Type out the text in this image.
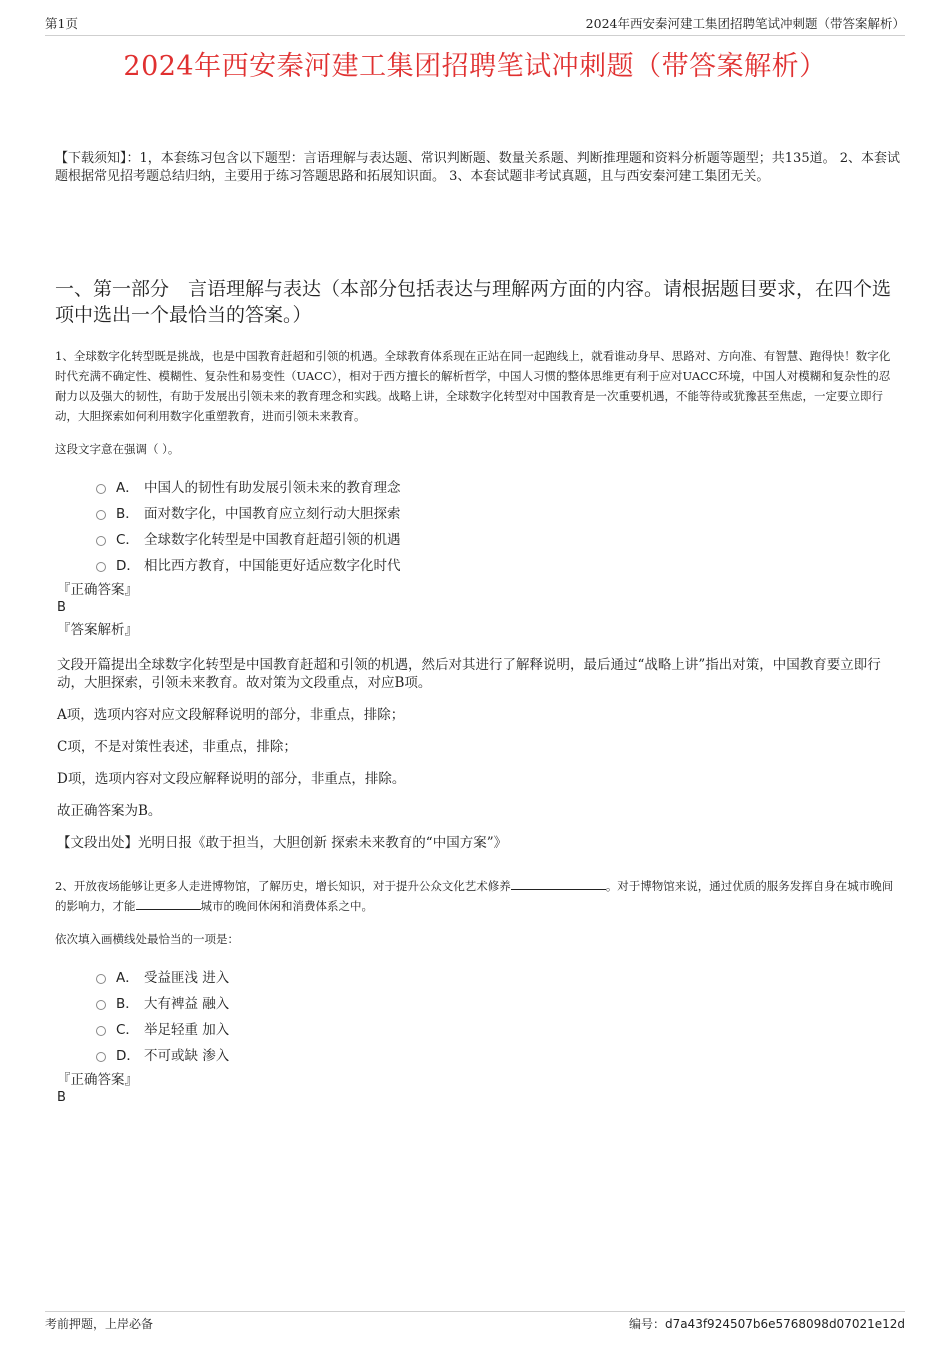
第1页	2024年西安秦河建工集团招聘笔试冲刺题（带答案解析）
2024年西安秦河建工集团招聘笔试冲刺题（带答案解析）
【下载须知】：1，本套练习包含以下题型：言语理解与表达题、常识判断题、数量关系题、判断推理题和资料分析题等题型；共135道。 2、本套试题根据常见招考题总结归纳，主要用于练习答题思路和拓展知识面。 3、本套试题非考试真题，且与西安秦河建工集团无关。
一、第一部分　言语理解与表达（本部分包括表达与理解两方面的内容。请根据题目要求，在四个选项中选出一个最恰当的答案。）

1、全球数字化转型既是挑战，也是中国教育赶超和引领的机遇。全球教育体系现在正站在同一起跑线上，就看谁动身早、思路对、方向准、有智慧、跑得快！数字化时代充满不确定性、模糊性、复杂性和易变性（UACC），相对于西方擅长的解析哲学，中国人习惯的整体思维更有利于应对UACC环境，中国人对模糊和复杂性的忍耐力以及强大的韧性，有助于发展出引领未来的教育理念和实践。战略上讲，全球数字化转型对中国教育是一次重要机遇，不能等待或犹豫甚至焦虑，一定要立即行动，大胆探索如何利用数字化重塑教育，进而引领未来教育。

这段文字意在强调（ ）。

A． 中国人的韧性有助发展引领未来的教育理念
B． 面对数字化，中国教育应立刻行动大胆探索
C． 全球数字化转型是中国教育赶超引领的机遇
D． 相比西方教育，中国能更好适应数字化时代
『正确答案』
B
『答案解析』

文段开篇提出全球数字化转型是中国教育赶超和引领的机遇，然后对其进行了解释说明，最后通过“战略上讲”指出对策，中国教育要立即行动，大胆探索，引领未来教育。故对策为文段重点，对应B项。

A项，选项内容对应文段解释说明的部分，非重点，排除；

C项，不是对策性表述，非重点，排除；

D项，选项内容对文段应解释说明的部分，非重点，排除。

故正确答案为B。

【文段出处】光明日报《敢于担当，大胆创新 探索未来教育的“中国方案”》

2、开放夜场能够让更多人走进博物馆，了解历史，增长知识，对于提升公众文化艺术修养	。对于博物馆来说，通过优质的服务发挥自身在城市晚间的影响力，才能	城市的晚间休闲和消费体系之中。

依次填入画横线处最恰当的一项是：

A． 受益匪浅 进入
B． 大有裨益 融入
C． 举足轻重 加入
D． 不可或缺 渗入
『正确答案』
B
考前押题，上岸必备	编号：d7a43f924507b6e5768098d07021e12d
